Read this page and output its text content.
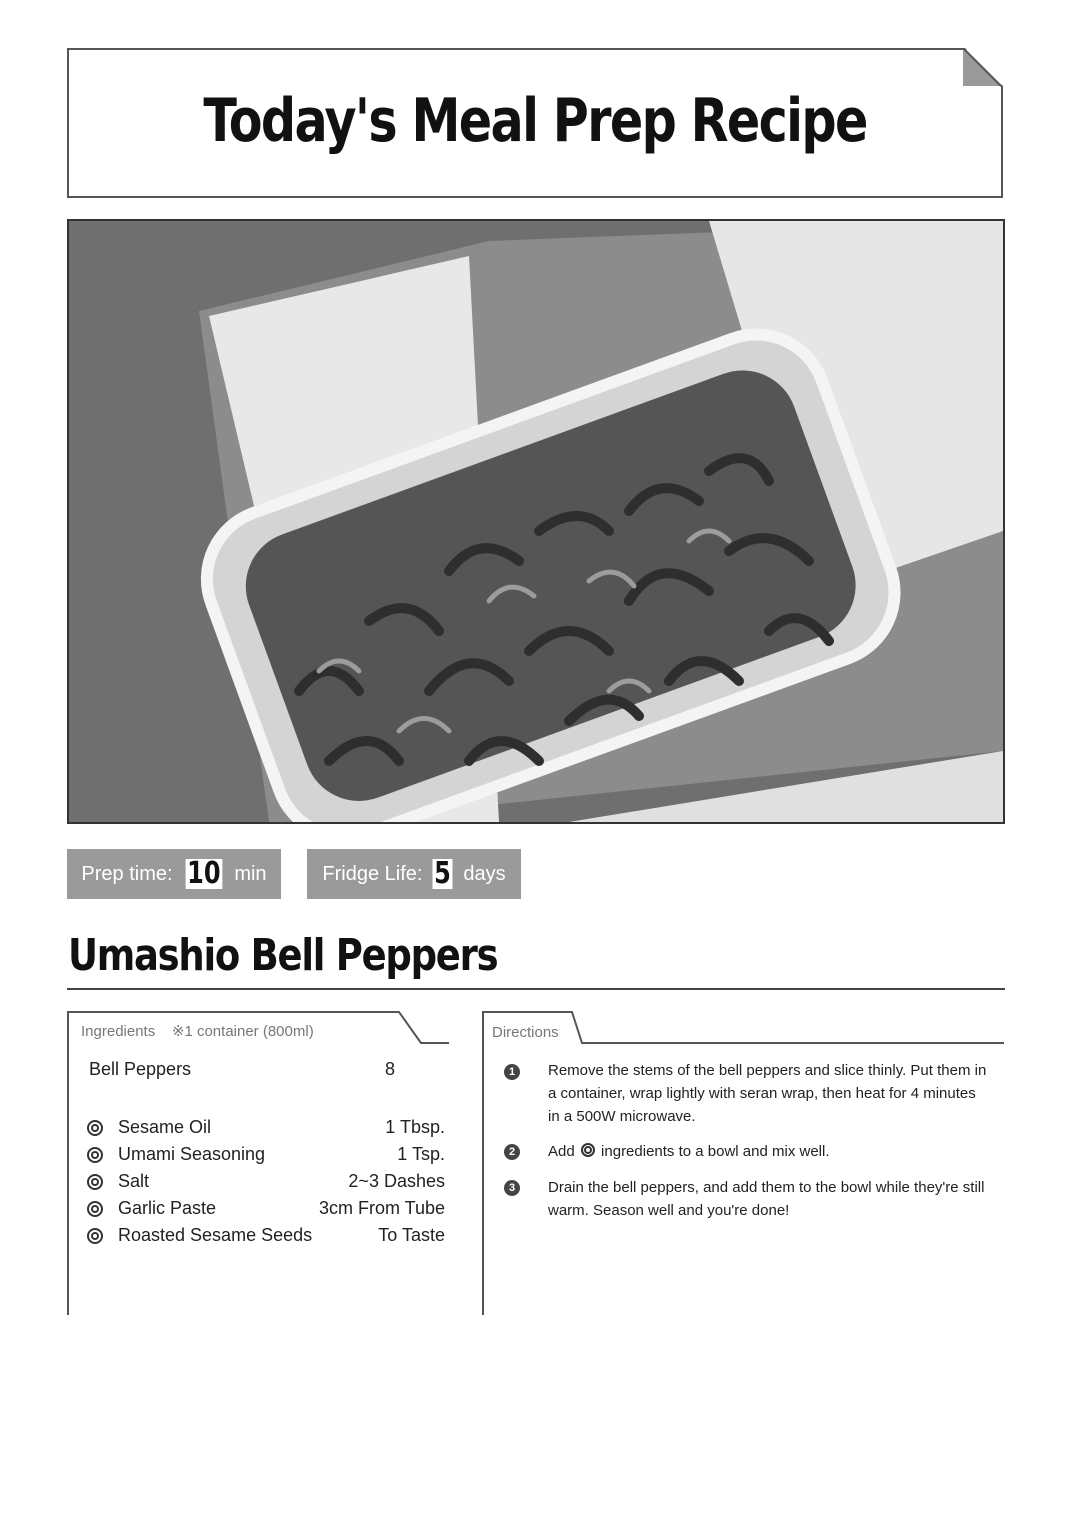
Today's Meal Prep Recipe
Prep time: 10 min	Fridge Life: 5 days
Umashio Bell Peppers
Ingredients ※1 container (800ml)
Bell Peppers	8
Sesame Oil	1 Tbsp.
Umami Seasoning	1 Tsp.
Salt	2~3 Dashes
Garlic Paste	3cm From Tube
Roasted Sesame Seeds	To Taste
Directions
1	Remove the stems of the bell peppers and slice thinly. Put them in a container, wrap lightly with seran wrap, then heat for 4 minutes in a 500W microwave.
2	Add ingredients to a bowl and mix well.
3	Drain the bell peppers, and add them to the bowl while they're still warm. Season well and you're done!
